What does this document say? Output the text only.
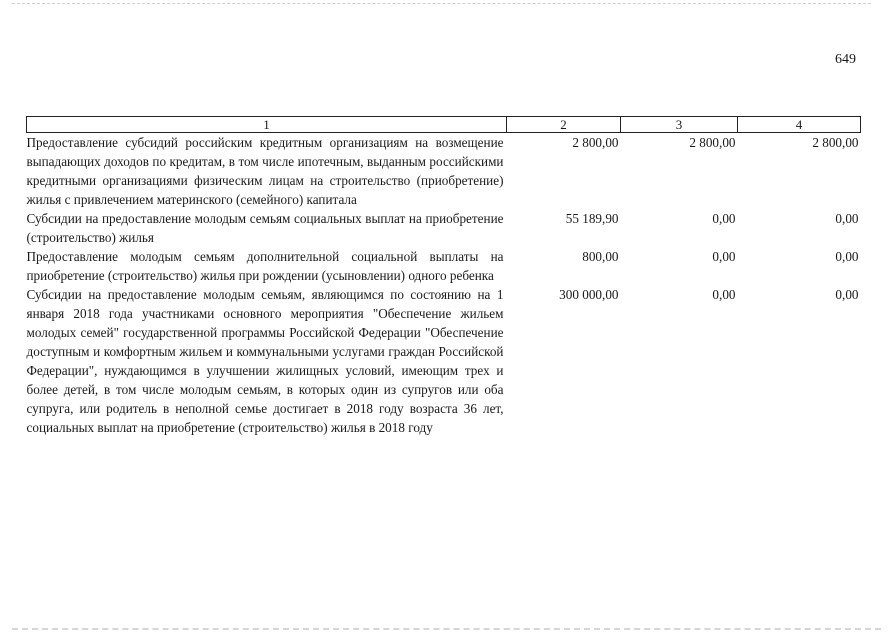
649
1	2	3	4
Предоставление субсидий российским кредитным организациям на возмещение выпадающих доходов по кредитам, в том числе ипотечным, выданным российскими кредитными организациями физическим лицам на строительство (приобретение) жилья с привлечением материнского (семейного) капитала	2 800,00	2 800,00	2 800,00
Субсидии на предоставление молодым семьям социальных выплат на приобретение (строительство) жилья	55 189,90	0,00	0,00
Предоставление молодым семьям дополнительной социальной выплаты на приобретение (строительство) жилья при рождении (усыновлении) одного ребенка	800,00	0,00	0,00
Субсидии на предоставление молодым семьям, являющимся по состоянию на 1 января 2018 года участниками основного мероприятия "Обеспечение жильем молодых семей" государственной программы Российской Федерации "Обеспечение доступным и комфортным жильем и коммунальными услугами граждан Российской Федерации", нуждающимся в улучшении жилищных условий, имеющим трех и более детей, в том числе молодым семьям, в которых один из супругов или оба супруга, или родитель в неполной семье достигает в 2018 году возраста 36 лет, социальных выплат на приобретение (строительство) жилья в 2018 году	300 000,00	0,00	0,00
